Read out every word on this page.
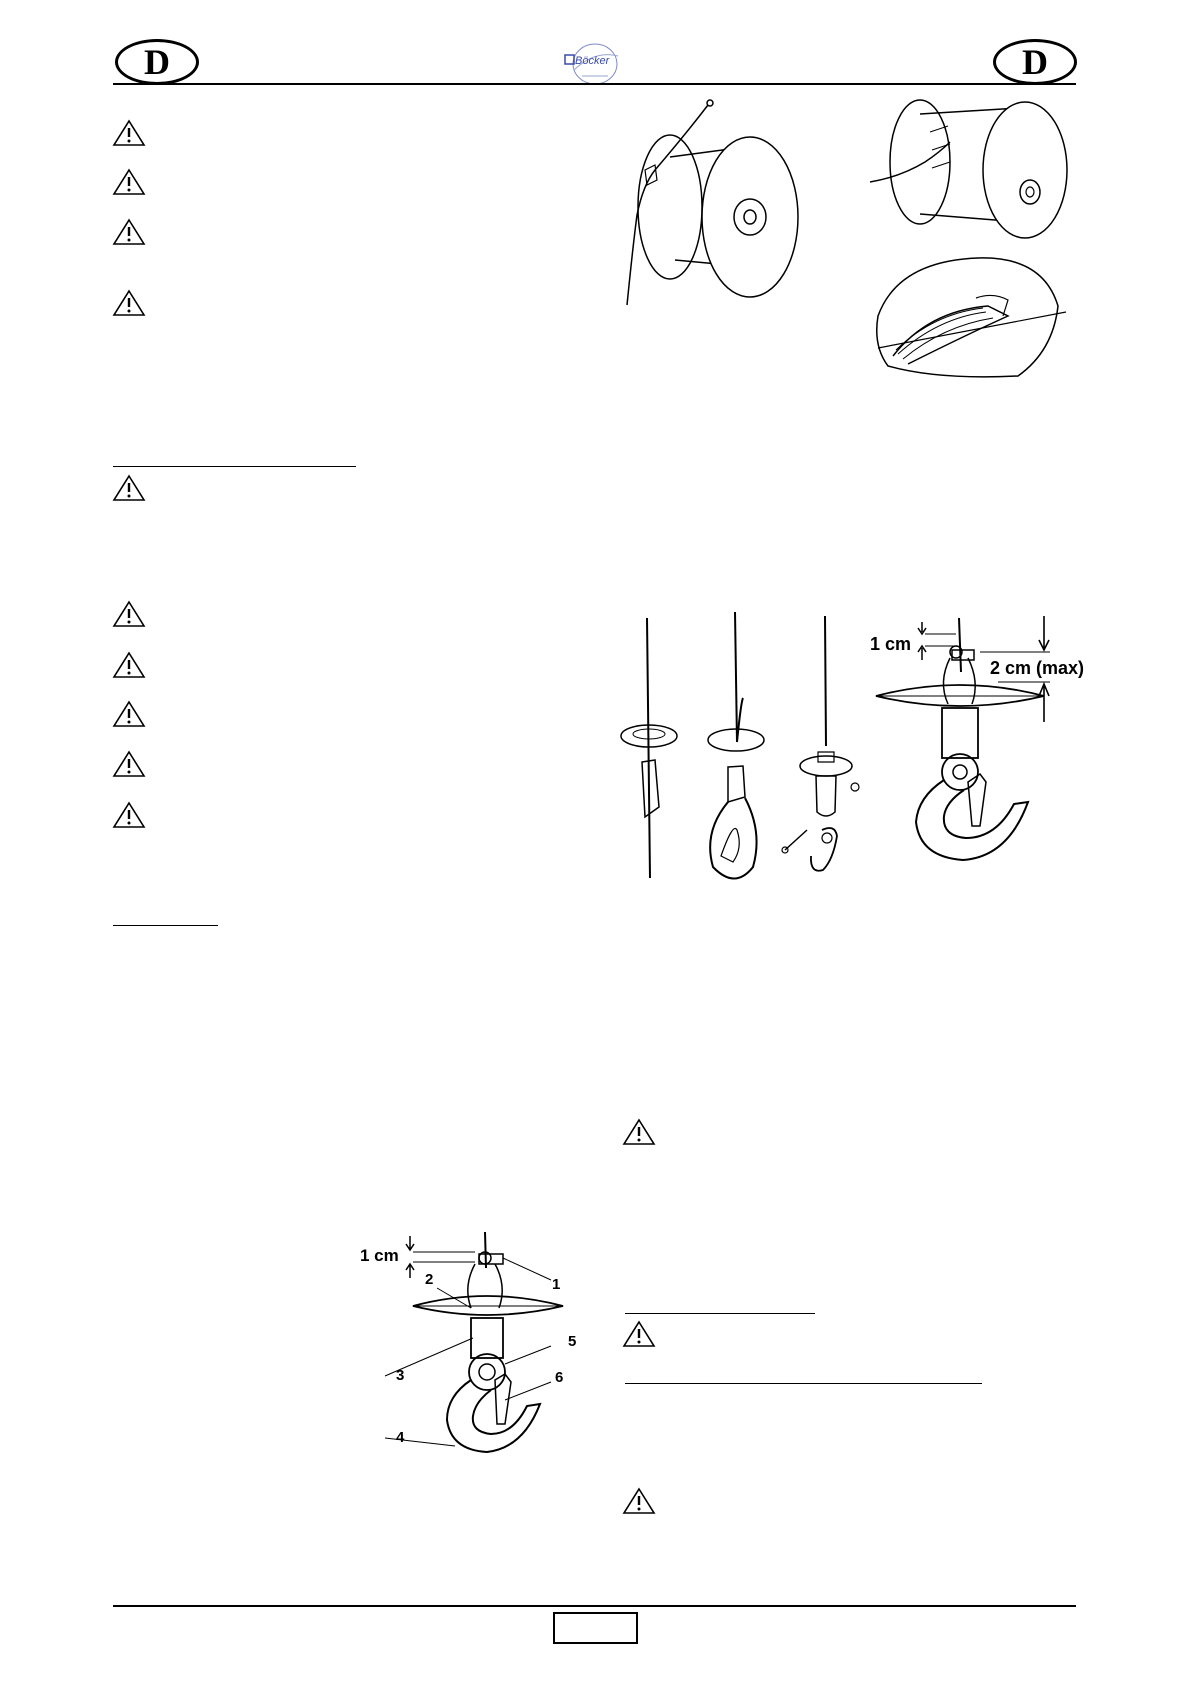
D	D
Böcker
1 cm
2 cm (max)
1 cm
1
2
3
4
5
6
